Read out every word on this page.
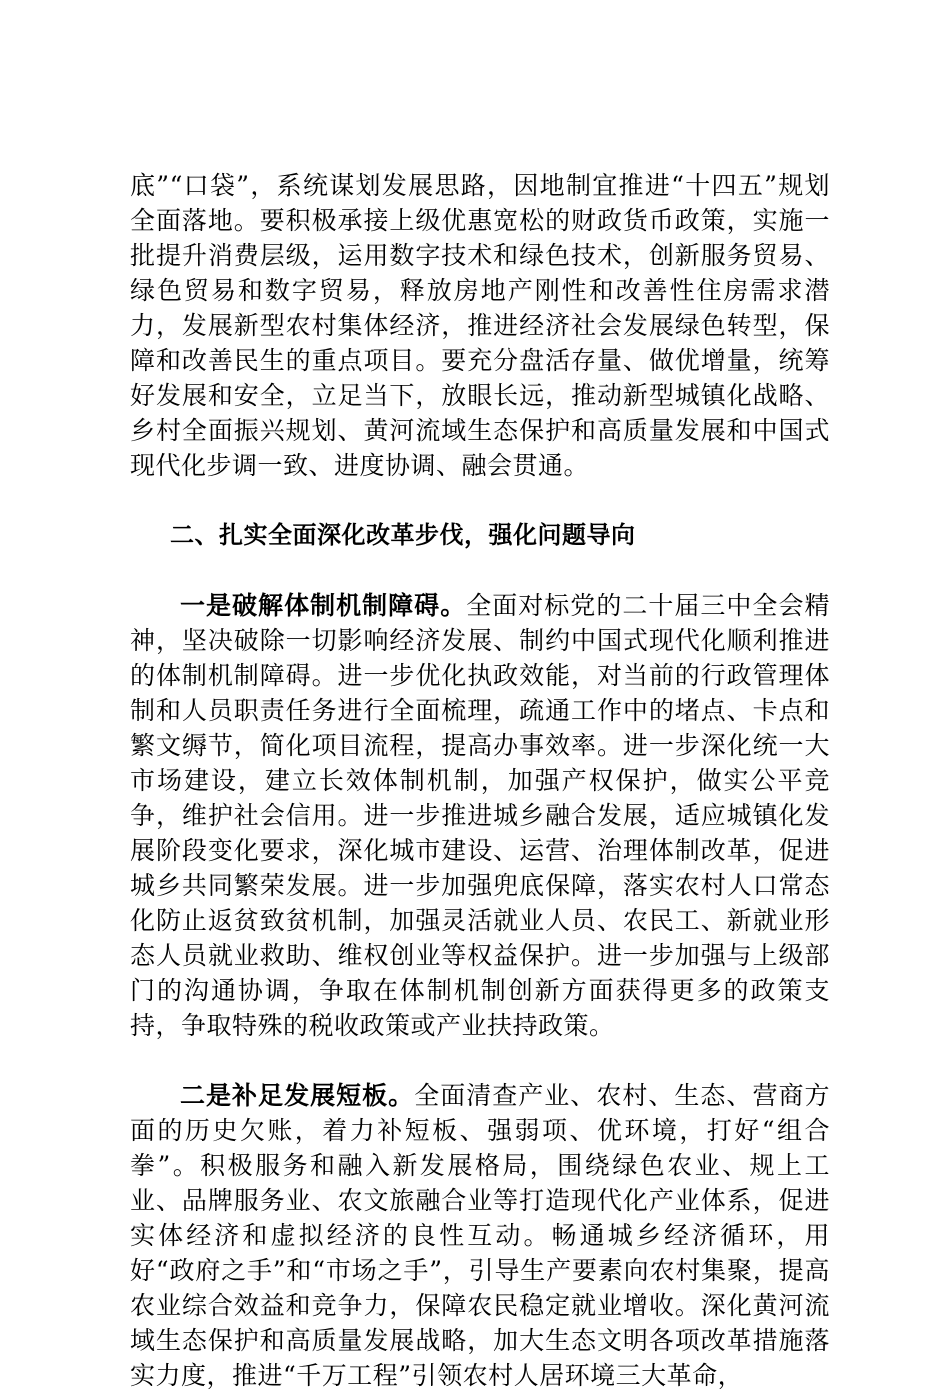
底”“口袋”，系统谋划发展思路，因地制宜推进“十四五”规划全面落地。要积极承接上级优惠宽松的财政货币政策，实施一批提升消费层级，运用数字技术和绿色技术，创新服务贸易、绿色贸易和数字贸易，释放房地产刚性和改善性住房需求潜力，发展新型农村集体经济，推进经济社会发展绿色转型，保障和改善民生的重点项目。要充分盘活存量、做优增量，统筹好发展和安全，立足当下，放眼长远，推动新型城镇化战略、乡村全面振兴规划、黄河流域生态保护和高质量发展和中国式现代化步调一致、进度协调、融会贯通。

二、扎实全面深化改革步伐，强化问题导向

一是破解体制机制障碍。全面对标党的二十届三中全会精神，坚决破除一切影响经济发展、制约中国式现代化顺利推进的体制机制障碍。进一步优化执政效能，对当前的行政管理体制和人员职责任务进行全面梳理，疏通工作中的堵点、卡点和繁文缛节，简化项目流程，提高办事效率。进一步深化统一大市场建设，建立长效体制机制，加强产权保护，做实公平竞争，维护社会信用。进一步推进城乡融合发展，适应城镇化发展阶段变化要求，深化城市建设、运营、治理体制改革，促进城乡共同繁荣发展。进一步加强兜底保障，落实农村人口常态化防止返贫致贫机制，加强灵活就业人员、农民工、新就业形态人员就业救助、维权创业等权益保护。进一步加强与上级部门的沟通协调，争取在体制机制创新方面获得更多的政策支持，争取特殊的税收政策或产业扶持政策。

二是补足发展短板。全面清查产业、农村、生态、营商方面的历史欠账，着力补短板、强弱项、优环境，打好“组合拳”。积极服务和融入新发展格局，围绕绿色农业、规上工业、品牌服务业、农文旅融合业等打造现代化产业体系，促进实体经济和虚拟经济的良性互动。畅通城乡经济循环，用好“政府之手”和“市场之手”，引导生产要素向农村集聚，提高农业综合效益和竞争力，保障农民稳定就业增收。深化黄河流域生态保护和高质量发展战略，加大生态文明各项改革措施落实力度，推进“千万工程”引领农村人居环境三大革命，
